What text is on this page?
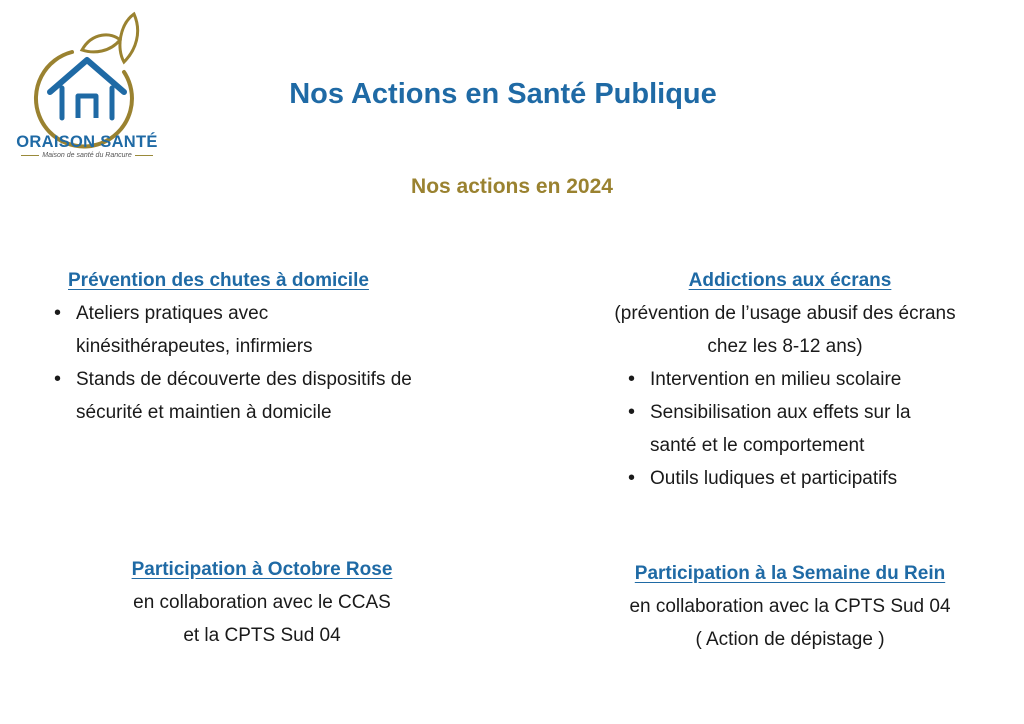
ORAISON SANTÉ
Maison de santé du Rancure
Nos Actions en Santé Publique
Nos actions en 2024
Prévention des chutes à domicile
• Ateliers pratiques avec kinésithérapeutes, infirmiers
• Stands de découverte des dispositifs de sécurité et maintien à domicile
Addictions aux écrans
(prévention de l’usage abusif des écrans chez les 8-12 ans)
• Intervention en milieu scolaire
• Sensibilisation aux effets sur la santé et le comportement
• Outils ludiques et participatifs
Participation à Octobre Rose
en collaboration avec le CCAS
et la CPTS Sud 04
Participation à la Semaine du Rein
en collaboration avec la CPTS Sud 04
( Action de dépistage )
